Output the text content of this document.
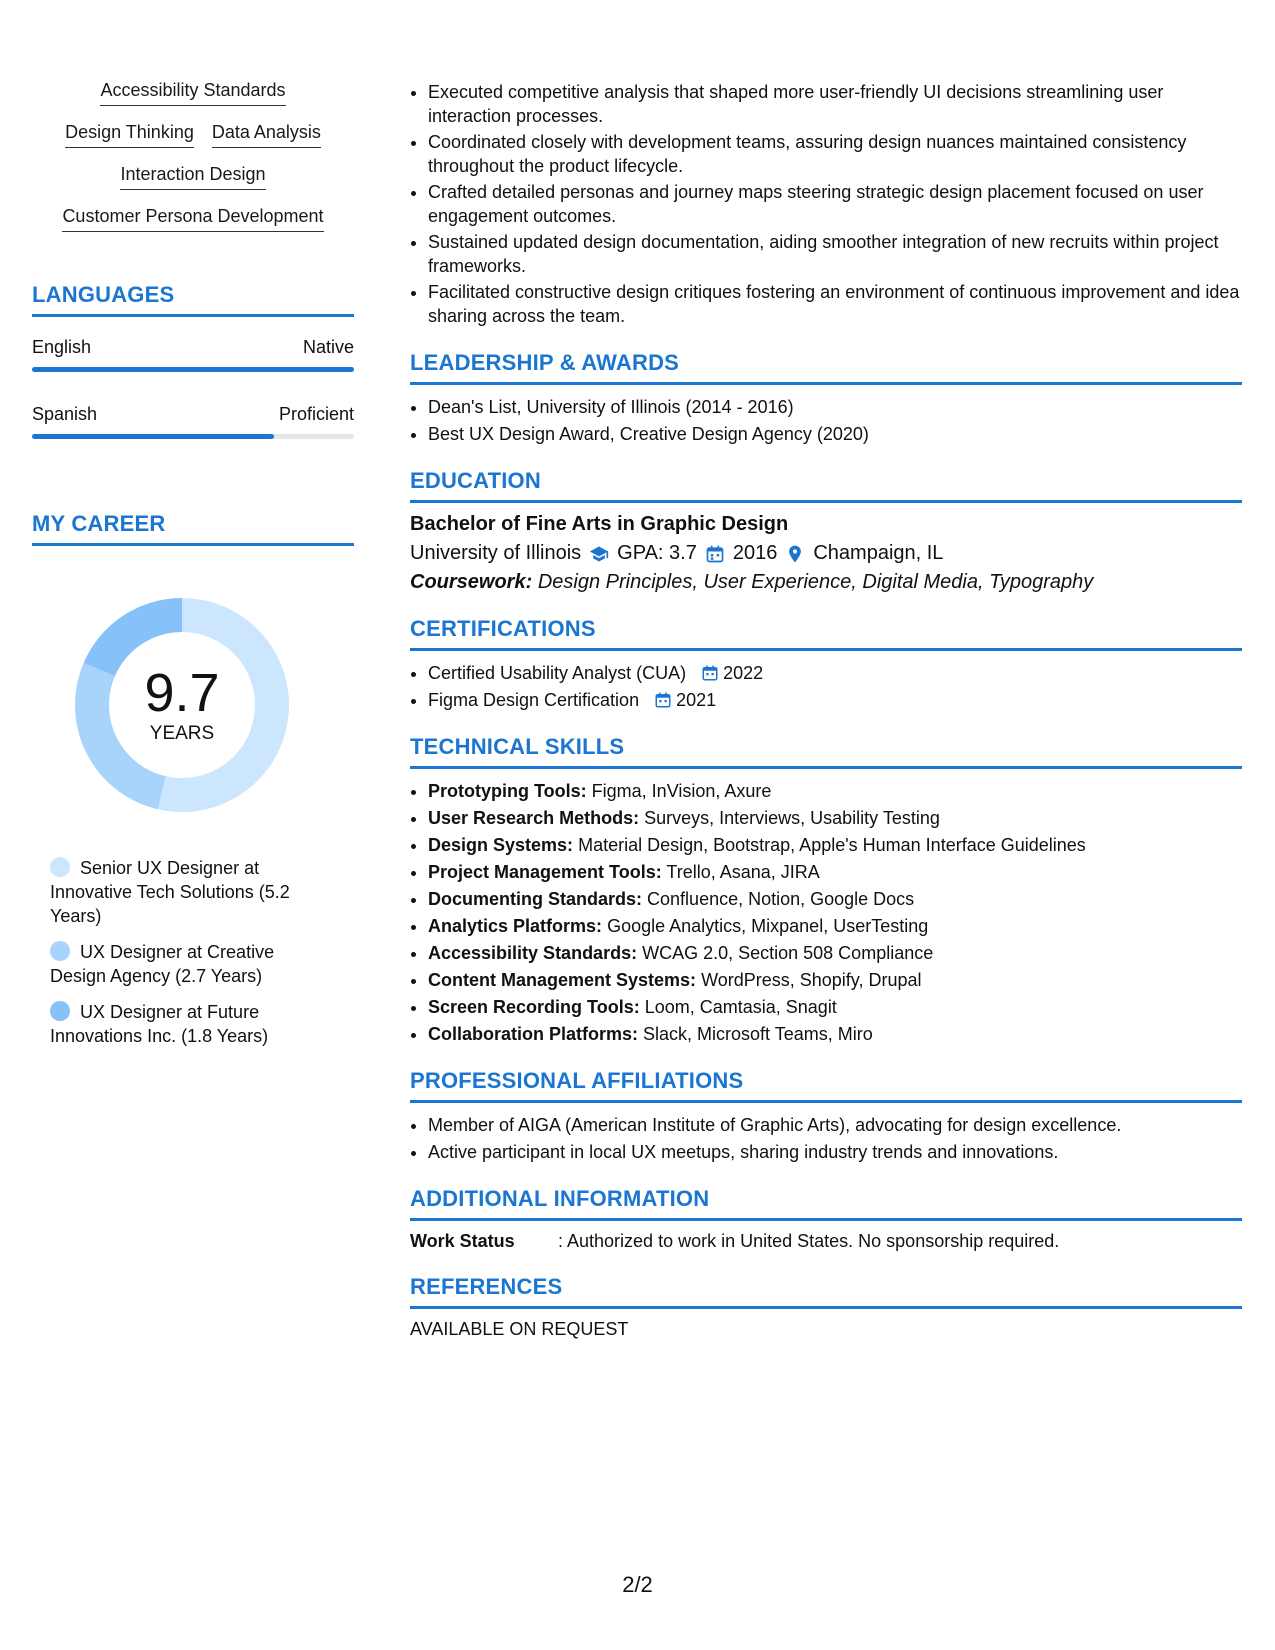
Accessibility Standards
Design Thinking Data Analysis
Interaction Design
Customer Persona Development
LANGUAGES
English	Native
Spanish	Proficient
MY CAREER
9.7
YEARS
Senior UX Designer at Innovative Tech Solutions (5.2 Years)
UX Designer at Creative Design Agency (2.7 Years)
UX Designer at Future Innovations Inc. (1.8 Years)
• Executed competitive analysis that shaped more user-friendly UI decisions streamlining user interaction processes.
• Coordinated closely with development teams, assuring design nuances maintained consistency throughout the product lifecycle.
• Crafted detailed personas and journey maps steering strategic design placement focused on user engagement outcomes.
• Sustained updated design documentation, aiding smoother integration of new recruits within project frameworks.
• Facilitated constructive design critiques fostering an environment of continuous improvement and idea sharing across the team.
LEADERSHIP & AWARDS
• Dean's List, University of Illinois (2014 - 2016)
• Best UX Design Award, Creative Design Agency (2020)
EDUCATION
Bachelor of Fine Arts in Graphic Design
University of Illinois GPA: 3.7 2016 Champaign, IL
Coursework: Design Principles, User Experience, Digital Media, Typography
CERTIFICATIONS
• Certified Usability Analyst (CUA) 2022
• Figma Design Certification 2021
TECHNICAL SKILLS
• Prototyping Tools: Figma, InVision, Axure
• User Research Methods: Surveys, Interviews, Usability Testing
• Design Systems: Material Design, Bootstrap, Apple's Human Interface Guidelines
• Project Management Tools: Trello, Asana, JIRA
• Documenting Standards: Confluence, Notion, Google Docs
• Analytics Platforms: Google Analytics, Mixpanel, UserTesting
• Accessibility Standards: WCAG 2.0, Section 508 Compliance
• Content Management Systems: WordPress, Shopify, Drupal
• Screen Recording Tools: Loom, Camtasia, Snagit
• Collaboration Platforms: Slack, Microsoft Teams, Miro
PROFESSIONAL AFFILIATIONS
• Member of AIGA (American Institute of Graphic Arts), advocating for design excellence.
• Active participant in local UX meetups, sharing industry trends and innovations.
ADDITIONAL INFORMATION
Work Status	: Authorized to work in United States. No sponsorship required.
REFERENCES
AVAILABLE ON REQUEST
2/2
